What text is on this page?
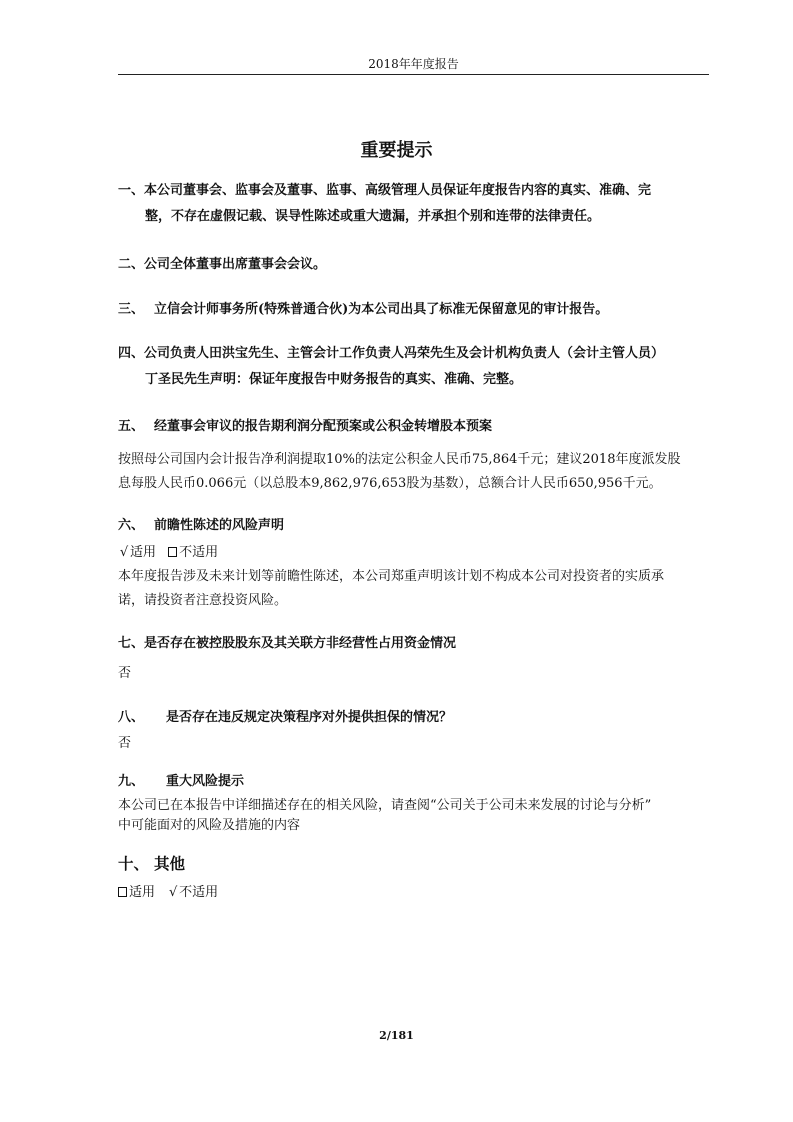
2018年年度报告
重要提示
一、本公司董事会、监事会及董事、监事、高级管理人员保证年度报告内容的真实、准确、完
整，不存在虚假记载、误导性陈述或重大遗漏，并承担个别和连带的法律责任。
二、公司全体董事出席董事会会议。
三、 立信会计师事务所(特殊普通合伙)为本公司出具了标准无保留意见的审计报告。
四、公司负责人田洪宝先生、主管会计工作负责人冯荣先生及会计机构负责人（会计主管人员）
丁圣民先生声明：保证年度报告中财务报告的真实、准确、完整。
五、 经董事会审议的报告期利润分配预案或公积金转增股本预案
按照母公司国内会计报告净利润提取10%的法定公积金人民币75,864千元；建议2018年度派发股
息每股人民币0.066元（以总股本9,862,976,653股为基数），总额合计人民币650,956千元。
六、 前瞻性陈述的风险声明
√ 适用 不适用
本年度报告涉及未来计划等前瞻性陈述，本公司郑重声明该计划不构成本公司对投资者的实质承
诺，请投资者注意投资风险。
七、是否存在被控股股东及其关联方非经营性占用资金情况
否
八、 是否存在违反规定决策程序对外提供担保的情况？
否
九、 重大风险提示
本公司已在本报告中详细描述存在的相关风险，请查阅“公司关于公司未来发展的讨论与分析”
中可能面对的风险及措施的内容
十、 其他
适用 √ 不适用
2/181
